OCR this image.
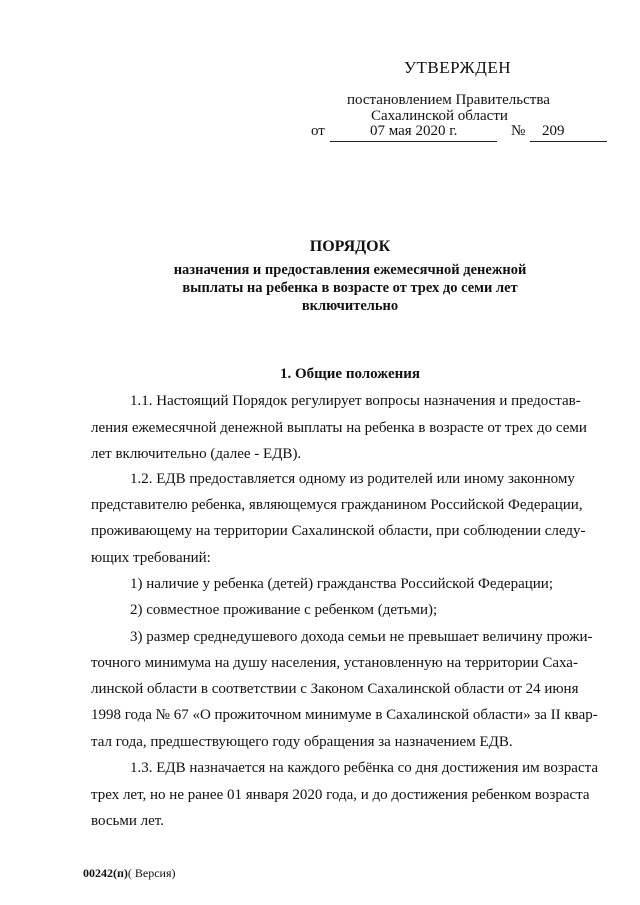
УТВЕРЖДЕН
постановлением Правительства
Сахалинской области
от	07 мая 2020 г.	№ 209
ПОРЯДОК
назначения и предоставления ежемесячной денежной
выплаты на ребенка в возрасте от трех до семи лет
включительно
1. Общие положения
1.1. Настоящий Порядок регулирует вопросы назначения и предостав-
ления ежемесячной денежной выплаты на ребенка в возрасте от трех до семи
лет включительно (далее - ЕДВ).
1.2. ЕДВ предоставляется одному из родителей или иному законному
представителю ребенка, являющемуся гражданином Российской Федерации,
проживающему на территории Сахалинской области, при соблюдении следу-
ющих требований:
1) наличие у ребенка (детей) гражданства Российской Федерации;
2) совместное проживание с ребенком (детьми);
3) размер среднедушевого дохода семьи не превышает величину прожи-
точного минимума на душу населения, установленную на территории Саха-
линской области в соответствии с Законом Сахалинской области от 24 июня
1998 года № 67 «О прожиточном минимуме в Сахалинской области» за II квар-
тал года, предшествующего году обращения за назначением ЕДВ.
1.3. ЕДВ назначается на каждого ребёнка со дня достижения им возраста
трех лет, но не ранее 01 января 2020 года, и до достижения ребенком возраста
восьми лет.
00242(п)( Версия)
